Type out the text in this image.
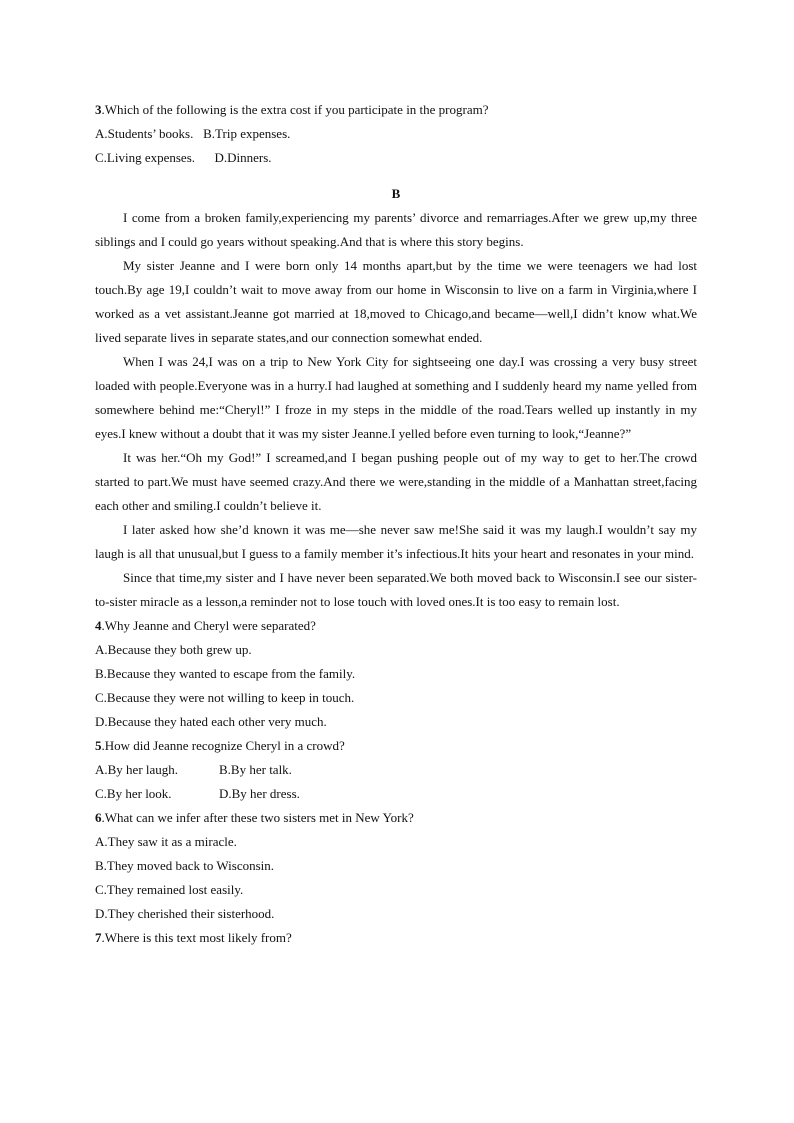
3.Which of the following is the extra cost if you participate in the program?

A.Students’ books. B.Trip expenses.

C.Living expenses. D.Dinners.

B

I come from a broken family,experiencing my parents’ divorce and remarriages.After we grew up,my three siblings and I could go years without speaking.And that is where this story begins.

My sister Jeanne and I were born only 14 months apart,but by the time we were teenagers we had lost touch.By age 19,I couldn’t wait to move away from our home in Wisconsin to live on a farm in Virginia,where I worked as a vet assistant.Jeanne got married at 18,moved to Chicago,and became—well,I didn’t know what.We lived separate lives in separate states,and our connection somewhat ended.

When I was 24,I was on a trip to New York City for sightseeing one day.I was crossing a very busy street loaded with people.Everyone was in a hurry.I had laughed at something and I suddenly heard my name yelled from somewhere behind me:“Cheryl!” I froze in my steps in the middle of the road.Tears welled up instantly in my eyes.I knew without a doubt that it was my sister Jeanne.I yelled before even turning to look,“Jeanne?”

It was her.“Oh my God!” I screamed,and I began pushing people out of my way to get to her.The crowd started to part.We must have seemed crazy.And there we were,standing in the middle of a Manhattan street,facing each other and smiling.I couldn’t believe it.

I later asked how she’d known it was me—she never saw me!She said it was my laugh.I wouldn’t say my laugh is all that unusual,but I guess to a family member it’s infectious.It hits your heart and resonates in your mind.

Since that time,my sister and I have never been separated.We both moved back to Wisconsin.I see our sister-to-sister miracle as a lesson,a reminder not to lose touch with loved ones.It is too easy to remain lost.

4.Why Jeanne and Cheryl were separated?

A.Because they both grew up.

B.Because they wanted to escape from the family.

C.Because they were not willing to keep in touch.

D.Because they hated each other very much.

5.How did Jeanne recognize Cheryl in a crowd?

A.By her laugh.	B.By her talk.

C.By her look.	D.By her dress.

6.What can we infer after these two sisters met in New York?

A.They saw it as a miracle.

B.They moved back to Wisconsin.

C.They remained lost easily.

D.They cherished their sisterhood.

7.Where is this text most likely from?
